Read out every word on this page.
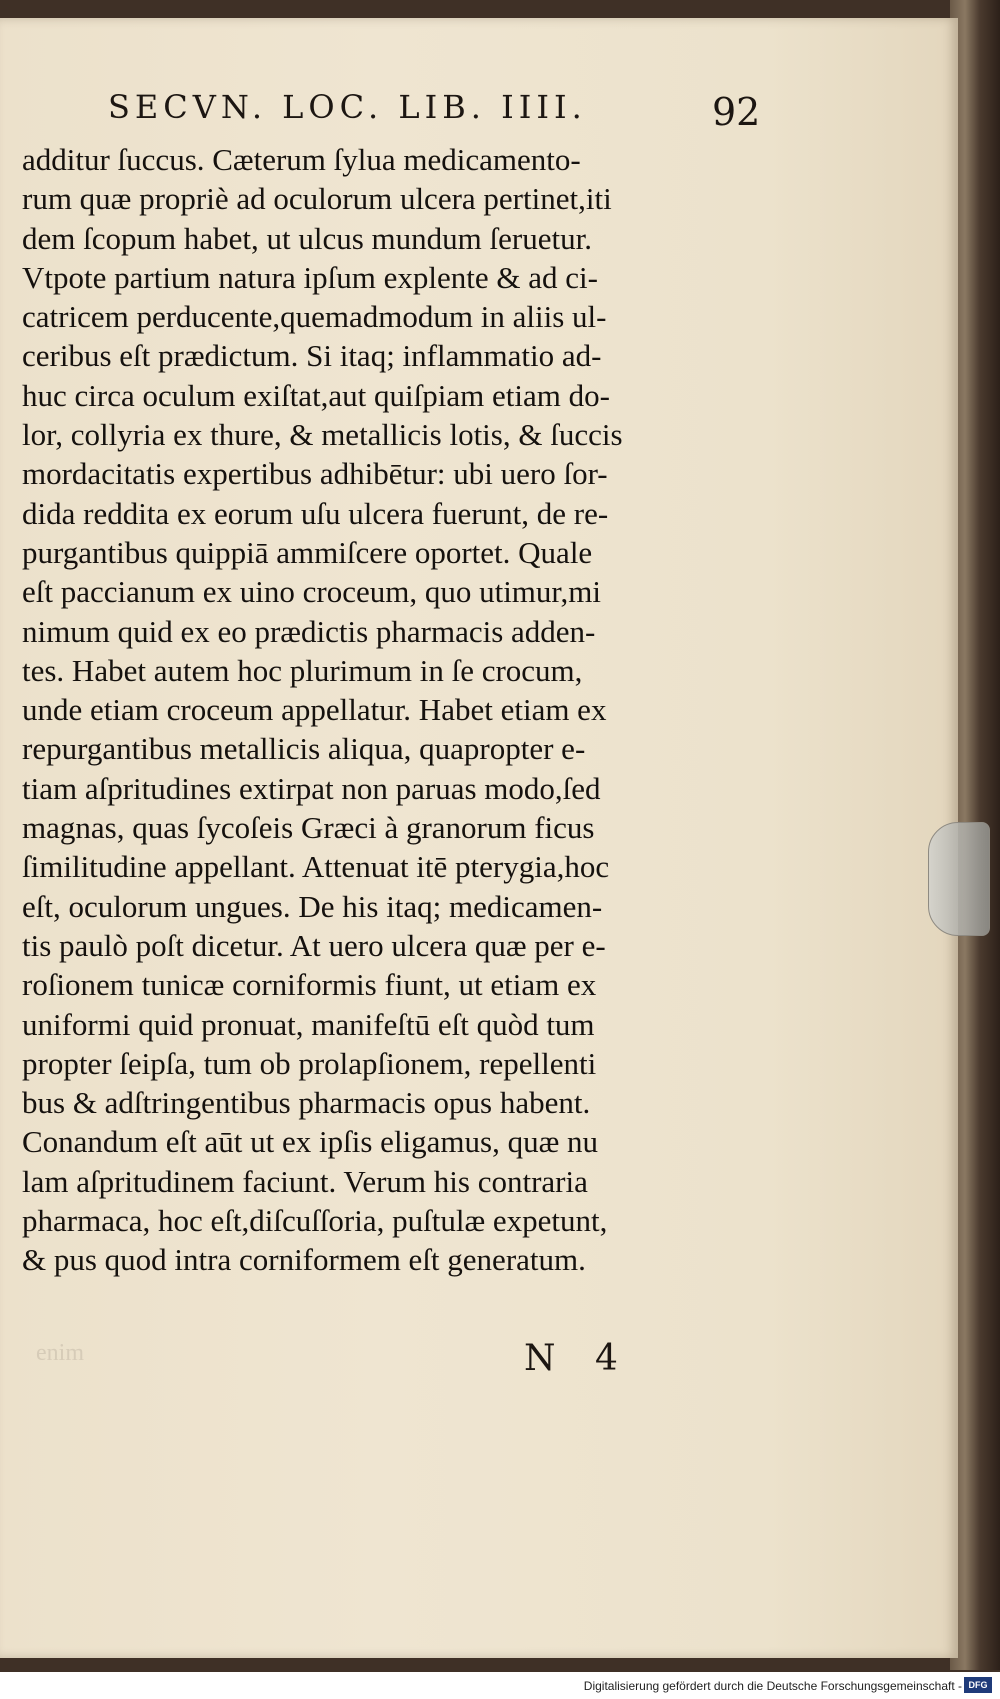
SECVN. LOC. LIB. IIII.	92
additur ſuccus. Cæterum ſylua medicamento-
rum quæ propriè ad oculorum ulcera pertinet,iti
dem ſcopum habet, ut ulcus mundum ſeruetur.
Vtpote partium natura ipſum explente & ad ci-
catricem perducente,quemadmodum in aliis ul-
ceribus eſt prædictum. Si itaq; inflammatio ad-
huc circa oculum exiſtat,aut quiſpiam etiam do-
lor, collyria ex thure, & metallicis lotis, & ſuccis
mordacitatis expertibus adhibētur: ubi uero ſor-
dida reddita ex eorum uſu ulcera fuerunt, de re-
purgantibus quippiā ammiſcere oportet. Quale
eſt paccianum ex uino croceum, quo utimur,mi
nimum quid ex eo prædictis pharmacis adden-
tes. Habet autem hoc plurimum in ſe crocum,
unde etiam croceum appellatur. Habet etiam ex
repurgantibus metallicis aliqua, quapropter e-
tiam aſpritudines extirpat non paruas modo,ſed
magnas, quas ſycoſeis Græci à granorum ficus
ſimilitudine appellant. Attenuat itē pterygia,hoc
eſt, oculorum ungues. De his itaq; medicamen-
tis paulò poſt dicetur. At uero ulcera quæ per e-
roſionem tunicæ corniformis fiunt, ut etiam ex
uniformi quid pronuat, manifeſtū eſt quòd tum
propter ſeipſa, tum ob prolapſionem, repellenti
bus & adſtringentibus pharmacis opus habent.
Conandum eſt aūt ut ex ipſis eligamus, quæ nu
lam aſpritudinem faciunt. Verum his contraria
pharmaca, hoc eſt,diſcuſſoria, puſtulæ expetunt,
& pus quod intra corniformem eſt generatum.
enim	N 4
Digitalisierung gefördert durch die Deutsche Forschungsgemeinschaft - DFG
